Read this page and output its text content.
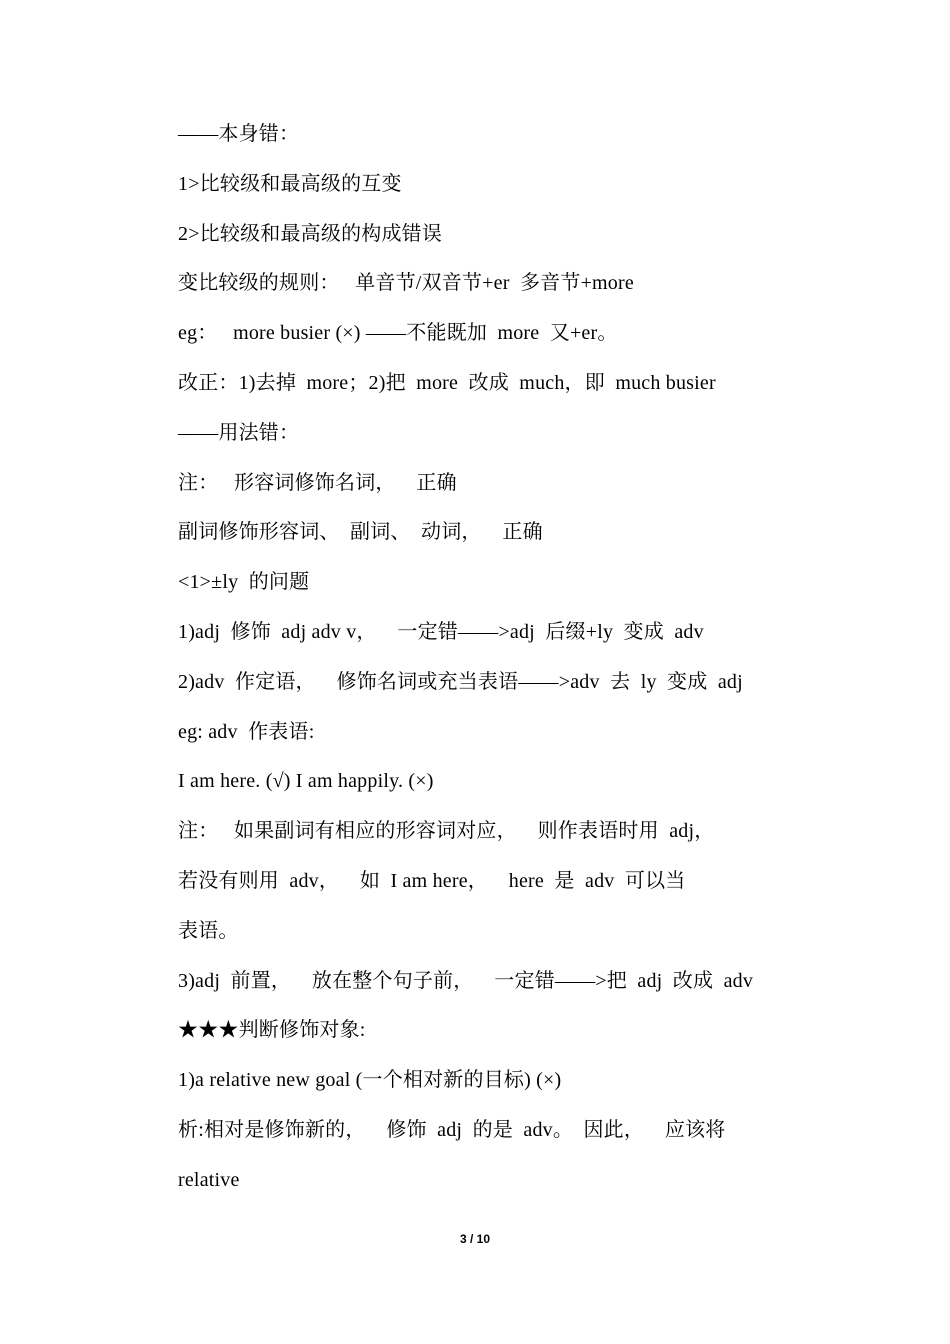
——本身错：
1>比较级和最高级的互变
2>比较级和最高级的构成错误
变比较级的规则：   单音节/双音节+er  多音节+more
eg：   more busier (×) ——不能既加  more  又+er。
改正：1)去掉  more；2)把  more  改成  much，即  much busier
——用法错：
注：   形容词修饰名词，    正确
副词修饰形容词、  副词、  动词，    正确
<1>±ly  的问题
1)adj  修饰  adj adv v，    一定错——>adj  后缀+ly  变成  adv
2)adv  作定语，    修饰名词或充当表语——>adv  去  ly  变成  adj
eg: adv  作表语:
I am here. (√) I am happily. (×)
注：   如果副词有相应的形容词对应，    则作表语时用  adj，
若没有则用  adv，    如  I am here，    here  是  adv  可以当
表语。
3)adj  前置，    放在整个句子前，    一定错——>把  adj  改成  adv
★★★判断修饰对象:
1)a relative new goal (一个相对新的目标) (×)
析:相对是修饰新的，    修饰  adj  的是  adv。  因此，    应该将
relative
3 / 10
